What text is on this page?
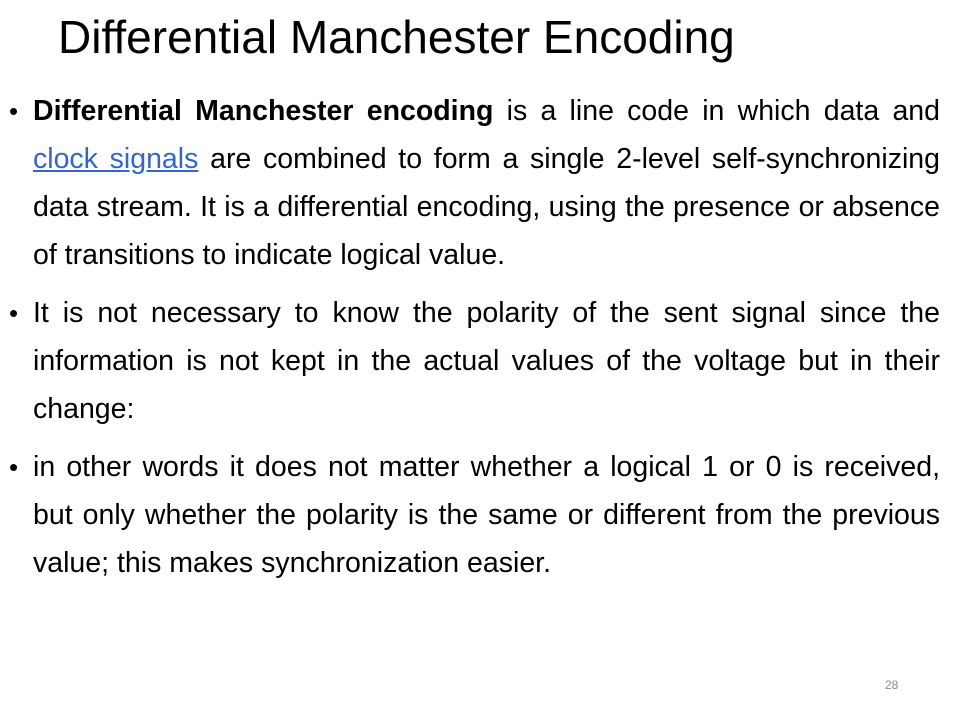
Differential Manchester Encoding
• Differential Manchester encoding is a line code in which data and clock signals are combined to form a single 2-level self-synchronizing data stream. It is a differential encoding, using the presence or absence of transitions to indicate logical value.
• It is not necessary to know the polarity of the sent signal since the information is not kept in the actual values of the voltage but in their change:
• in other words it does not matter whether a logical 1 or 0 is received, but only whether the polarity is the same or different from the previous value; this makes synchronization easier.
28
